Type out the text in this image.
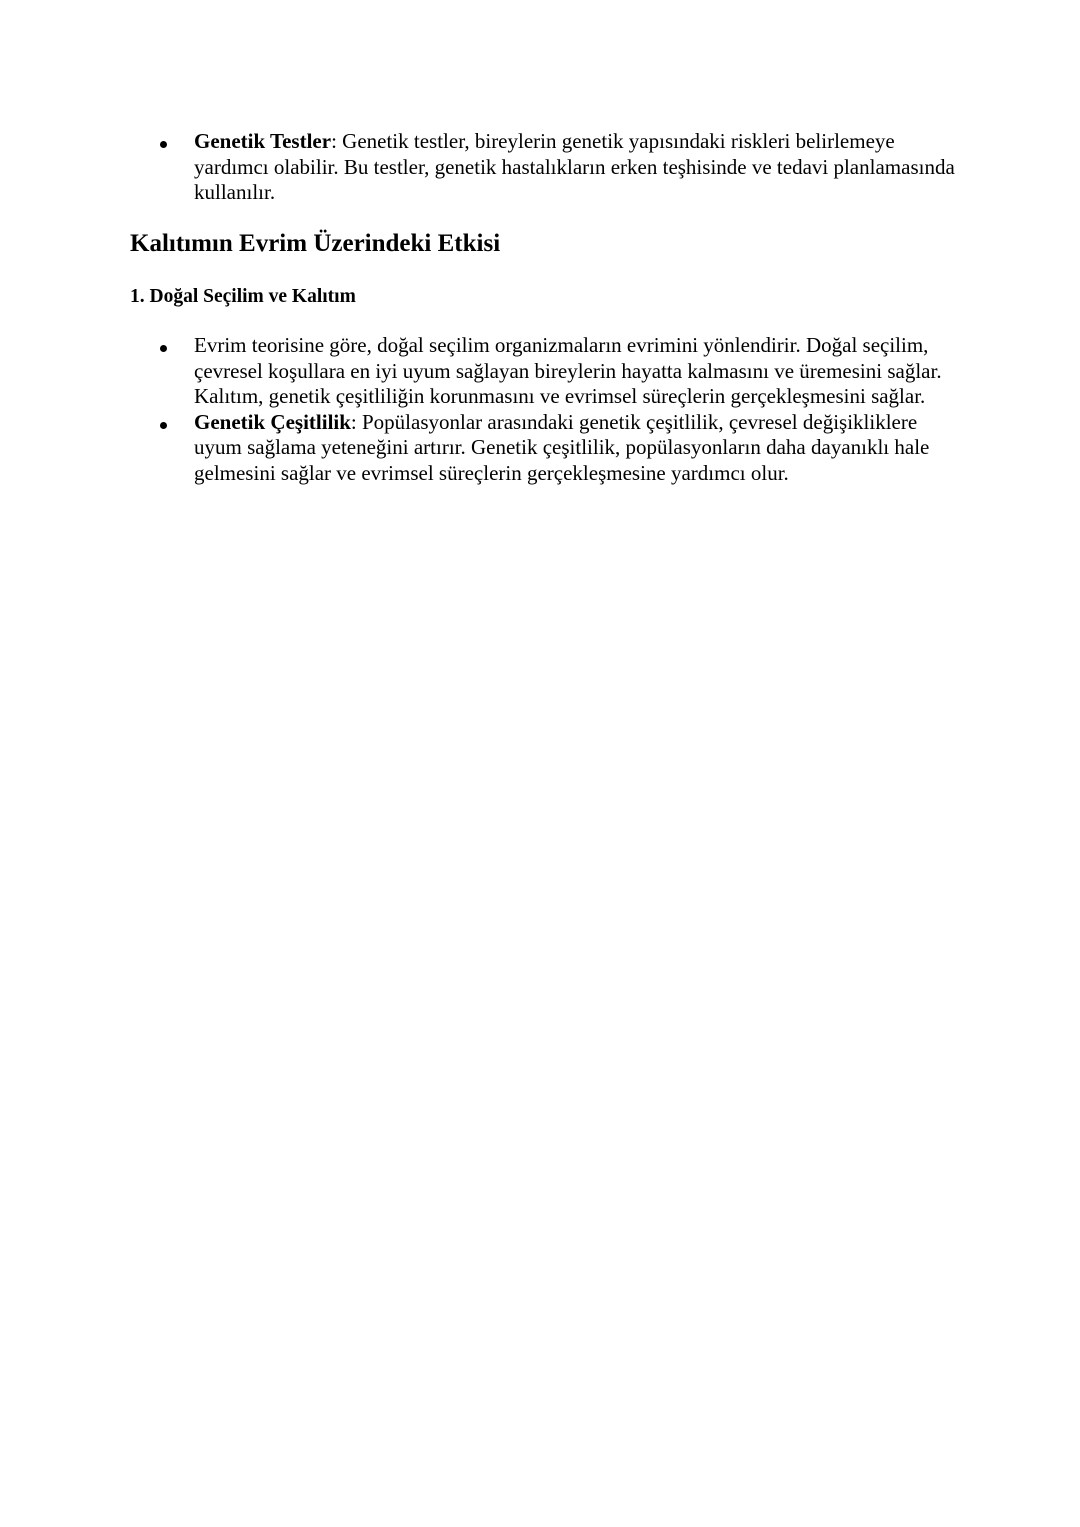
Genetik Testler: Genetik testler, bireylerin genetik yapısındaki riskleri belirlemeye yardımcı olabilir. Bu testler, genetik hastalıkların erken teşhisinde ve tedavi planlamasında kullanılır.
Kalıtımın Evrim Üzerindeki Etkisi
1. Doğal Seçilim ve Kalıtım
Evrim teorisine göre, doğal seçilim organizmaların evrimini yönlendirir. Doğal seçilim, çevresel koşullara en iyi uyum sağlayan bireylerin hayatta kalmasını ve üremesini sağlar. Kalıtım, genetik çeşitliliğin korunmasını ve evrimsel süreçlerin gerçekleşmesini sağlar.
Genetik Çeşitlilik: Popülasyonlar arasındaki genetik çeşitlilik, çevresel değişikliklere uyum sağlama yeteneğini artırır. Genetik çeşitlilik, popülasyonların daha dayanıklı hale gelmesini sağlar ve evrimsel süreçlerin gerçekleşmesine yardımcı olur.
